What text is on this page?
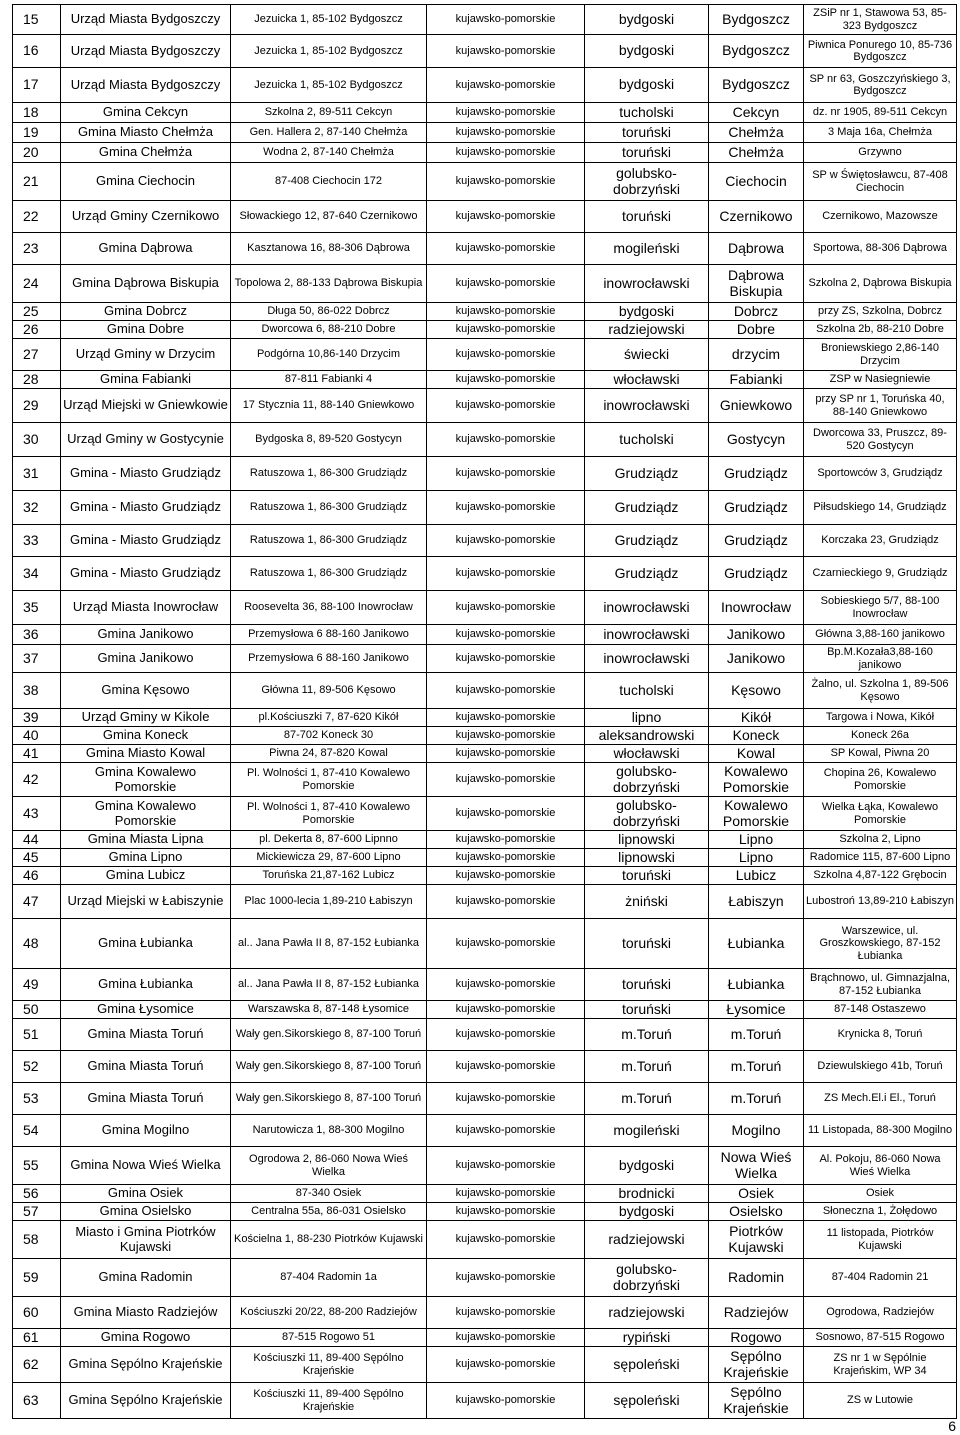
15	Urząd Miasta Bydgoszczy	Jezuicka 1, 85-102 Bydgoszcz	kujawsko-pomorskie	bydgoski	Bydgoszcz	ZSiP nr 1, Stawowa 53, 85-323 Bydgoszcz
16	Urząd Miasta Bydgoszczy	Jezuicka 1, 85-102 Bydgoszcz	kujawsko-pomorskie	bydgoski	Bydgoszcz	Piwnica Ponurego 10, 85-736 Bydgoszcz
17	Urząd Miasta Bydgoszczy	Jezuicka 1, 85-102 Bydgoszcz	kujawsko-pomorskie	bydgoski	Bydgoszcz	SP nr 63, Goszczyńskiego 3, Bydgoszcz
18	Gmina Cekcyn	Szkolna 2, 89-511 Cekcyn	kujawsko-pomorskie	tucholski	Cekcyn	dz. nr 1905, 89-511 Cekcyn
19	Gmina Miasto Chełmża	Gen. Hallera 2, 87-140 Chełmża	kujawsko-pomorskie	toruński	Chełmża	3 Maja 16a, Chełmża
20	Gmina Chełmża	Wodna 2, 87-140 Chełmża	kujawsko-pomorskie	toruński	Chełmża	Grzywno
21	Gmina Ciechocin	87-408 Ciechocin 172	kujawsko-pomorskie	golubsko-dobrzyński	Ciechocin	SP w Świętosławcu, 87-408 Ciechocin
22	Urząd Gminy Czernikowo	Słowackiego 12, 87-640 Czernikowo	kujawsko-pomorskie	toruński	Czernikowo	Czernikowo, Mazowsze
23	Gmina Dąbrowa	Kasztanowa 16, 88-306 Dąbrowa	kujawsko-pomorskie	mogileński	Dąbrowa	Sportowa, 88-306 Dąbrowa
24	Gmina Dąbrowa Biskupia	Topolowa 2, 88-133 Dąbrowa Biskupia	kujawsko-pomorskie	inowrocławski	Dąbrowa Biskupia	Szkolna 2, Dąbrowa Biskupia
25	Gmina Dobrcz	Długa 50, 86-022 Dobrcz	kujawsko-pomorskie	bydgoski	Dobrcz	przy ZS, Szkolna, Dobrcz
26	Gmina Dobre	Dworcowa 6, 88-210 Dobre	kujawsko-pomorskie	radziejowski	Dobre	Szkolna 2b, 88-210 Dobre
27	Urząd Gminy w Drzycim	Podgórna 10,86-140 Drzycim	kujawsko-pomorskie	świecki	drzycim	Broniewskiego 2,86-140 Drzycim
28	Gmina Fabianki	87-811 Fabianki 4	kujawsko-pomorskie	włocławski	Fabianki	ZSP w Nasiegniewie
29	Urząd Miejski w Gniewkowie	17 Stycznia 11, 88-140 Gniewkowo	kujawsko-pomorskie	inowrocławski	Gniewkowo	przy SP nr 1, Toruńska 40, 88-140 Gniewkowo
30	Urząd Gminy w Gostycynie	Bydgoska 8, 89-520 Gostycyn	kujawsko-pomorskie	tucholski	Gostycyn	Dworcowa 33, Pruszcz, 89-520 Gostycyn
31	Gmina - Miasto Grudziądz	Ratuszowa 1, 86-300 Grudziądz	kujawsko-pomorskie	Grudziądz	Grudziądz	Sportowców 3, Grudziądz
32	Gmina - Miasto Grudziądz	Ratuszowa 1, 86-300 Grudziądz	kujawsko-pomorskie	Grudziądz	Grudziądz	Piłsudskiego 14, Grudziądz
33	Gmina - Miasto Grudziądz	Ratuszowa 1, 86-300 Grudziądz	kujawsko-pomorskie	Grudziądz	Grudziądz	Korczaka 23, Grudziądz
34	Gmina - Miasto Grudziądz	Ratuszowa 1, 86-300 Grudziądz	kujawsko-pomorskie	Grudziądz	Grudziądz	Czarnieckiego 9, Grudziądz
35	Urząd Miasta Inowrocław	Roosevelta 36, 88-100 Inowrocław	kujawsko-pomorskie	inowrocławski	Inowrocław	Sobieskiego 5/7, 88-100 Inowrocław
36	Gmina Janikowo	Przemysłowa 6 88-160 Janikowo	kujawsko-pomorskie	inowrocławski	Janikowo	Główna 3,88-160 janikowo
37	Gmina Janikowo	Przemysłowa 6 88-160 Janikowo	kujawsko-pomorskie	inowrocławski	Janikowo	Bp.M.Kozała3,88-160 janikowo
38	Gmina Kęsowo	Główna 11, 89-506 Kęsowo	kujawsko-pomorskie	tucholski	Kęsowo	Żalno, ul. Szkolna 1, 89-506 Kęsowo
39	Urząd Gminy w Kikole	pl.Kościuszki 7, 87-620 Kikół	kujawsko-pomorskie	lipno	Kikół	Targowa i Nowa, Kikół
40	Gmina Koneck	87-702 Koneck 30	kujawsko-pomorskie	aleksandrowski	Koneck	Koneck 26a
41	Gmina Miasto Kowal	Piwna 24, 87-820 Kowal	kujawsko-pomorskie	włocławski	Kowal	SP Kowal, Piwna 20
42	Gmina Kowalewo Pomorskie	Pl. Wolności 1, 87-410 Kowalewo Pomorskie	kujawsko-pomorskie	golubsko-dobrzyński	Kowalewo Pomorskie	Chopina 26, Kowalewo Pomorskie
43	Gmina Kowalewo Pomorskie	Pl. Wolności 1, 87-410 Kowalewo Pomorskie	kujawsko-pomorskie	golubsko-dobrzyński	Kowalewo Pomorskie	Wielka Łąka, Kowalewo Pomorskie
44	Gmina Miasta Lipna	pl. Dekerta 8, 87-600 Lipnno	kujawsko-pomorskie	lipnowski	Lipno	Szkolna 2, Lipno
45	Gmina Lipno	Mickiewicza 29, 87-600 Lipno	kujawsko-pomorskie	lipnowski	Lipno	Radomice 115, 87-600 Lipno
46	Gmina Lubicz	Toruńska 21,87-162 Lubicz	kujawsko-pomorskie	toruński	Lubicz	Szkolna 4,87-122 Grębocin
47	Urząd Miejski w Łabiszynie	Plac 1000-lecia 1,89-210 Łabiszyn	kujawsko-pomorskie	żniński	Łabiszyn	Lubostroń 13,89-210 Łabiszyn
48	Gmina Łubianka	al.. Jana Pawła II 8, 87-152 Łubianka	kujawsko-pomorskie	toruński	Łubianka	Warszewice, ul. Groszkowskiego, 87-152 Łubianka
49	Gmina Łubianka	al.. Jana Pawła II 8, 87-152 Łubianka	kujawsko-pomorskie	toruński	Łubianka	Brąchnowo, ul. Gimnazjalna, 87-152 Łubianka
50	Gmina Łysomice	Warszawska 8, 87-148 Łysomice	kujawsko-pomorskie	toruński	Łysomice	87-148 Ostaszewo
51	Gmina Miasta Toruń	Wały gen.Sikorskiego 8, 87-100 Toruń	kujawsko-pomorskie	m.Toruń	m.Toruń	Krynicka 8, Toruń
52	Gmina Miasta Toruń	Wały gen.Sikorskiego 8, 87-100 Toruń	kujawsko-pomorskie	m.Toruń	m.Toruń	Dziewulskiego 41b, Toruń
53	Gmina Miasta Toruń	Wały gen.Sikorskiego 8, 87-100 Toruń	kujawsko-pomorskie	m.Toruń	m.Toruń	ZS Mech.El.i El., Toruń
54	Gmina Mogilno	Narutowicza 1, 88-300 Mogilno	kujawsko-pomorskie	mogileński	Mogilno	11 Listopada, 88-300 Mogilno
55	Gmina Nowa Wieś Wielka	Ogrodowa 2, 86-060 Nowa Wieś Wielka	kujawsko-pomorskie	bydgoski	Nowa Wieś Wielka	Al. Pokoju, 86-060 Nowa Wieś Wielka
56	Gmina Osiek	87-340 Osiek	kujawsko-pomorskie	brodnicki	Osiek	Osiek
57	Gmina Osielsko	Centralna 55a, 86-031 Osielsko	kujawsko-pomorskie	bydgoski	Osielsko	Słoneczna 1, Żołędowo
58	Miasto i Gmina Piotrków Kujawski	Kościelna 1, 88-230 Piotrków Kujawski	kujawsko-pomorskie	radziejowski	Piotrków Kujawski	11 listopada, Piotrków Kujawski
59	Gmina Radomin	87-404 Radomin 1a	kujawsko-pomorskie	golubsko-dobrzyński	Radomin	87-404 Radomin 21
60	Gmina Miasto Radziejów	Kościuszki 20/22, 88-200 Radziejów	kujawsko-pomorskie	radziejowski	Radziejów	Ogrodowa, Radziejów
61	Gmina Rogowo	87-515 Rogowo 51	kujawsko-pomorskie	rypiński	Rogowo	Sosnowo, 87-515 Rogowo
62	Gmina Sępólno Krajeńskie	Kościuszki 11, 89-400 Sępólno Krajeńskie	kujawsko-pomorskie	sępoleński	Sępólno Krajeńskie	ZS nr 1 w Sępólnie Krajeńskim, WP 34
63	Gmina Sępólno Krajeńskie	Kościuszki 11, 89-400 Sępólno Krajeńskie	kujawsko-pomorskie	sępoleński	Sępólno Krajeńskie	ZS w Lutowie
6
